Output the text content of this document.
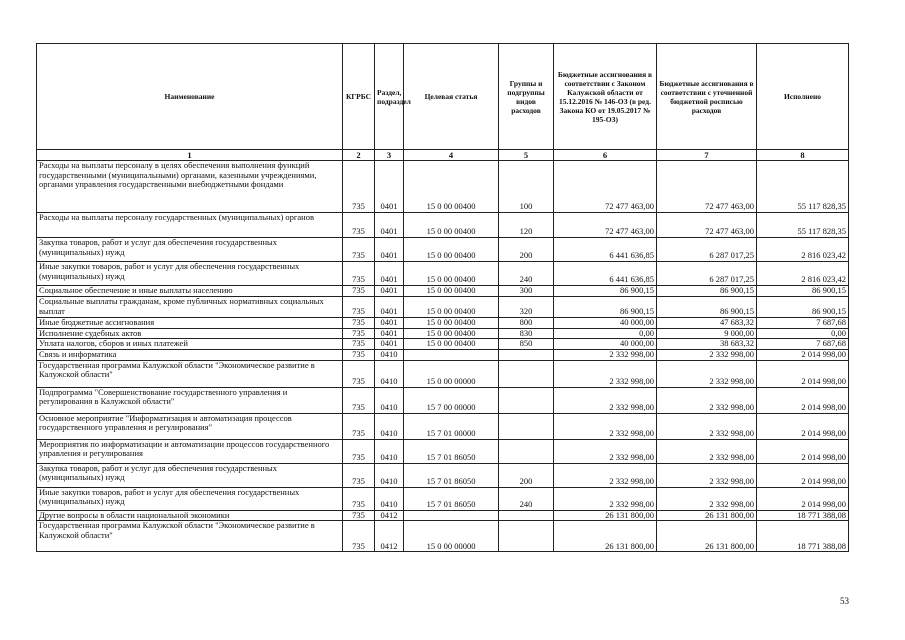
Наименование	КГРБС	Раздел, подраздел	Целевая статья	Группы и подгруппы видов расходов	Бюджетные ассигнования в соответствии с Законом Калужской области от 15.12.2016 № 146-ОЗ (в ред. Закона КО от 19.05.2017 № 195-ОЗ)	Бюджетные ассигнования в соответствии с уточненной бюджетной росписью расходов	Исполнено
1	2	3	4	5	6	7	8
Расходы на выплаты персоналу в целях обеспечения выполнения функций государственными (муниципальными) органами, казенными учреждениями, органами управления государственными внебюджетными фондами	735	0401	15 0 00 00400	100	72 477 463,00	72 477 463,00	55 117 828,35
Расходы на выплаты персоналу государственных (муниципальных) органов	735	0401	15 0 00 00400	120	72 477 463,00	72 477 463,00	55 117 828,35
Закупка товаров, работ и услуг для обеспечения государственных (муниципальных) нужд	735	0401	15 0 00 00400	200	6 441 636,85	6 287 017,25	2 816 023,42
Иные закупки товаров, работ и услуг для обеспечения государственных (муниципальных) нужд	735	0401	15 0 00 00400	240	6 441 636,85	6 287 017,25	2 816 023,42
Социальное обеспечение и иные выплаты населению	735	0401	15 0 00 00400	300	86 900,15	86 900,15	86 900,15
Социальные выплаты гражданам, кроме публичных нормативных социальных выплат	735	0401	15 0 00 00400	320	86 900,15	86 900,15	86 900,15
Иные бюджетные ассигнования	735	0401	15 0 00 00400	800	40 000,00	47 683,32	7 687,68
Исполнение судебных актов	735	0401	15 0 00 00400	830	0,00	9 000,00	0,00
Уплата налогов, сборов и иных платежей	735	0401	15 0 00 00400	850	40 000,00	38 683,32	7 687,68
Связь и информатика	735	0410			2 332 998,00	2 332 998,00	2 014 998,00
Государственная программа Калужской области "Экономическое развитие в Калужской области"	735	0410	15 0 00 00000		2 332 998,00	2 332 998,00	2 014 998,00
Подпрограмма "Совершенствование государственного управления и регулирования в Калужской области"	735	0410	15 7 00 00000		2 332 998,00	2 332 998,00	2 014 998,00
Основное мероприятие "Информатизация и автоматизация процессов государственного управления и регулирования"	735	0410	15 7 01 00000		2 332 998,00	2 332 998,00	2 014 998,00
Мероприятия по информатизации и автоматизации процессов государственного управления и регулирования	735	0410	15 7 01 86050		2 332 998,00	2 332 998,00	2 014 998,00
Закупка товаров, работ и услуг для обеспечения государственных (муниципальных) нужд	735	0410	15 7 01 86050	200	2 332 998,00	2 332 998,00	2 014 998,00
Иные закупки товаров, работ и услуг для обеспечения государственных (муниципальных) нужд	735	0410	15 7 01 86050	240	2 332 998,00	2 332 998,00	2 014 998,00
Другие вопросы в области национальной экономики	735	0412			26 131 800,00	26 131 800,00	18 771 388,08
Государственная программа Калужской области "Экономическое развитие в Калужской области"	735	0412	15 0 00 00000		26 131 800,00	26 131 800,00	18 771 388,08
53
